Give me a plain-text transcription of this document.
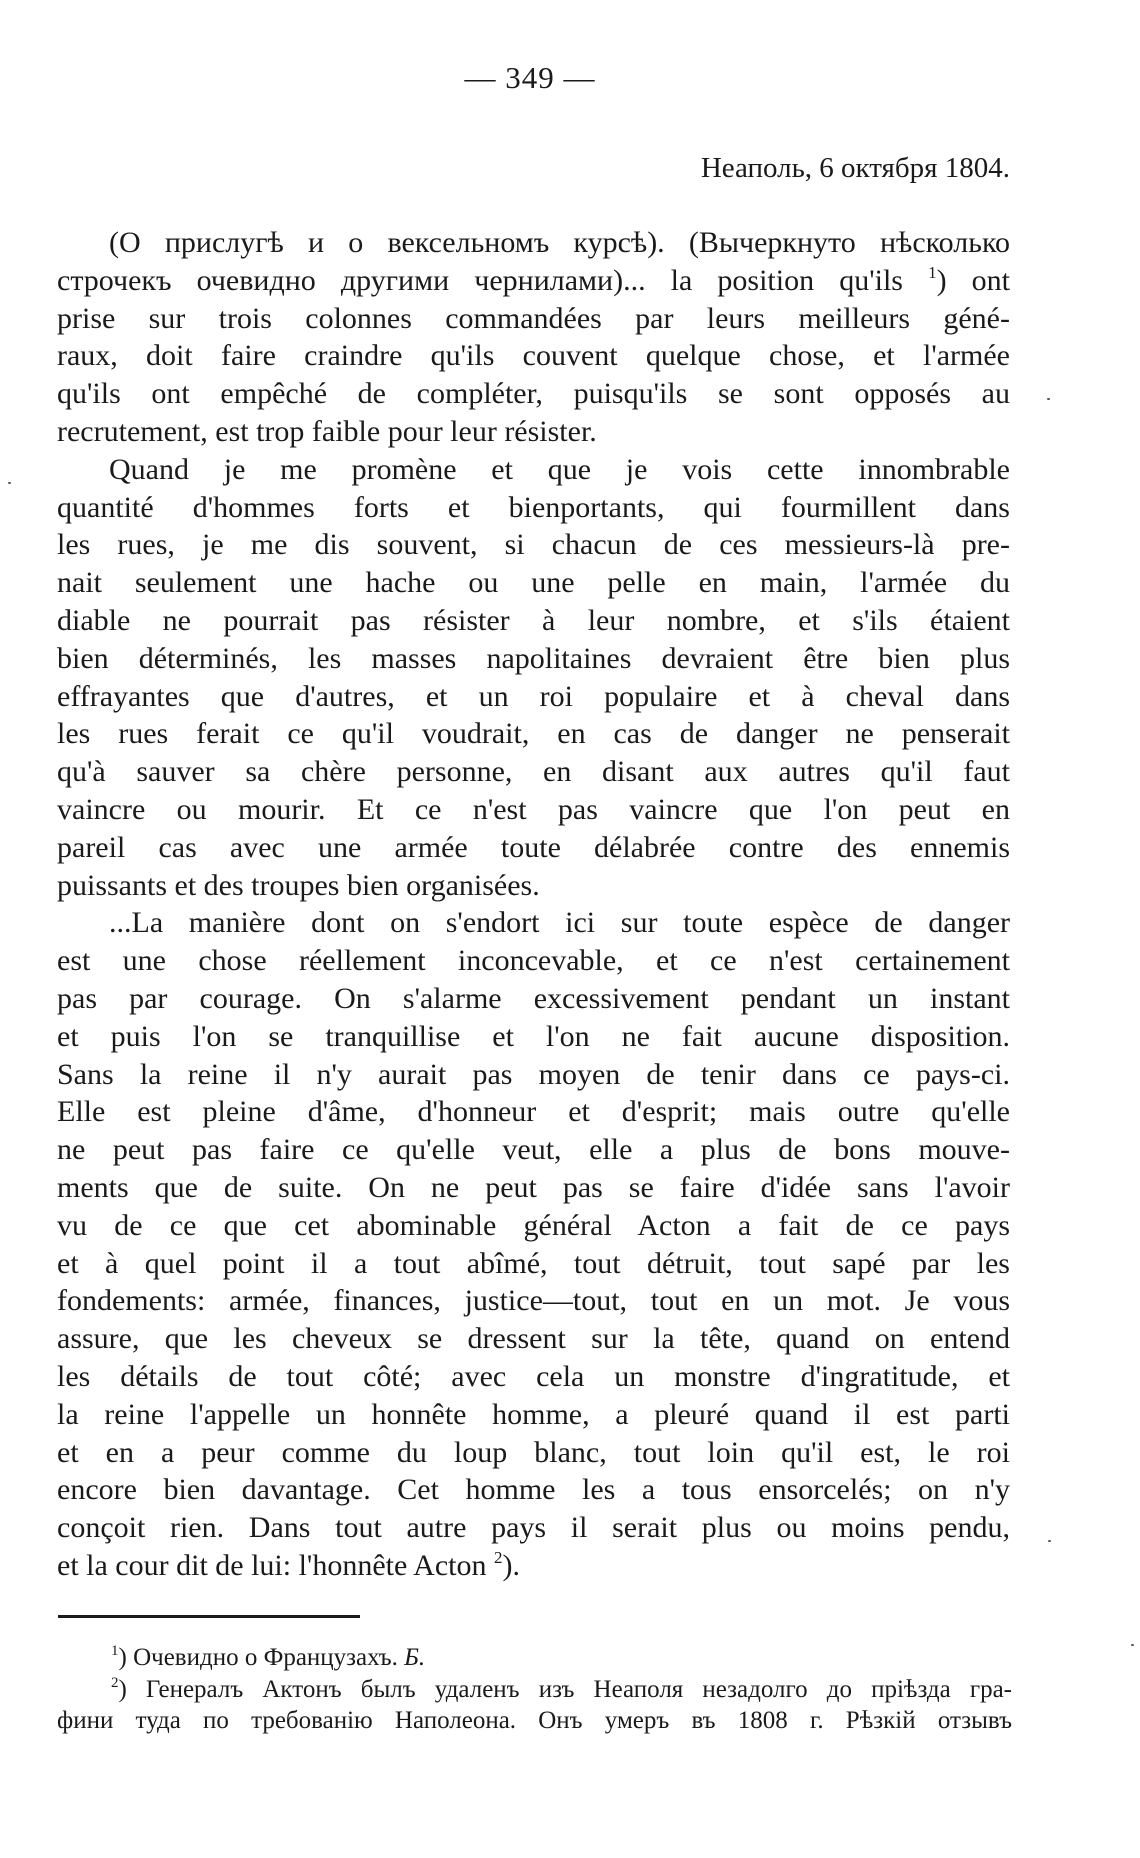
— 349 —
Неаполь, 6 октября 1804.
(О прислугѣ и о вексельномъ курсѣ). (Вычеркнуто нѣсколько
строчекъ очевидно другими чернилами)... la position qu'ils $^1$) ont
prise sur trois colonnes commandées par leurs meilleurs géné-
raux, doit faire craindre qu'ils couvent quelque chose, et l'armée
qu'ils ont empêché de compléter, puisqu'ils se sont opposés au
recrutement, est trop faible pour leur résister.
Quand je me promène et que je vois cette innombrable
quantité d'hommes forts et bienportants, qui fourmillent dans
les rues, je me dis souvent, si chacun de ces messieurs-là pre-
nait seulement une hache ou une pelle en main, l'armée du
diable ne pourrait pas résister à leur nombre, et s'ils étaient
bien déterminés, les masses napolitaines devraient être bien plus
effrayantes que d'autres, et un roi populaire et à cheval dans
les rues ferait ce qu'il voudrait, en cas de danger ne penserait
qu'à sauver sa chère personne, en disant aux autres qu'il faut
vaincre ou mourir. Et ce n'est pas vaincre que l'on peut en
pareil cas avec une armée toute délabrée contre des ennemis
puissants et des troupes bien organisées.
...La manière dont on s'endort ici sur toute espèce de danger
est une chose réellement inconcevable, et ce n'est certainement
pas par courage. On s'alarme excessivement pendant un instant
et puis l'on se tranquillise et l'on ne fait aucune disposition.
Sans la reine il n'y aurait pas moyen de tenir dans ce pays-ci.
Elle est pleine d'âme, d'honneur et d'esprit; mais outre qu'elle
ne peut pas faire ce qu'elle veut, elle a plus de bons mouve-
ments que de suite. On ne peut pas se faire d'idée sans l'avoir
vu de ce que cet abominable général Acton a fait de ce pays
et à quel point il a tout abîmé, tout détruit, tout sapé par les
fondements: armée, finances, justice—tout, tout en un mot. Je vous
assure, que les cheveux se dressent sur la tête, quand on entend
les détails de tout côté; avec cela un monstre d'ingratitude, et
la reine l'appelle un honnête homme, a pleuré quand il est parti
et en a peur comme du loup blanc, tout loin qu'il est, le roi
encore bien davantage. Cet homme les a tous ensorcelés; on n'y
conçoit rien. Dans tout autre pays il serait plus ou moins pendu,
et la cour dit de lui: l'honnête Acton $^2$).
$^1$) Очевидно о Французахъ. Б.
$^2$) Генералъ Актонъ былъ удаленъ изъ Неаполя незадолго до пріѣзда гра-
фини туда по требованію Наполеона. Онъ умеръ въ 1808 г. Рѣзкій отзывъ
